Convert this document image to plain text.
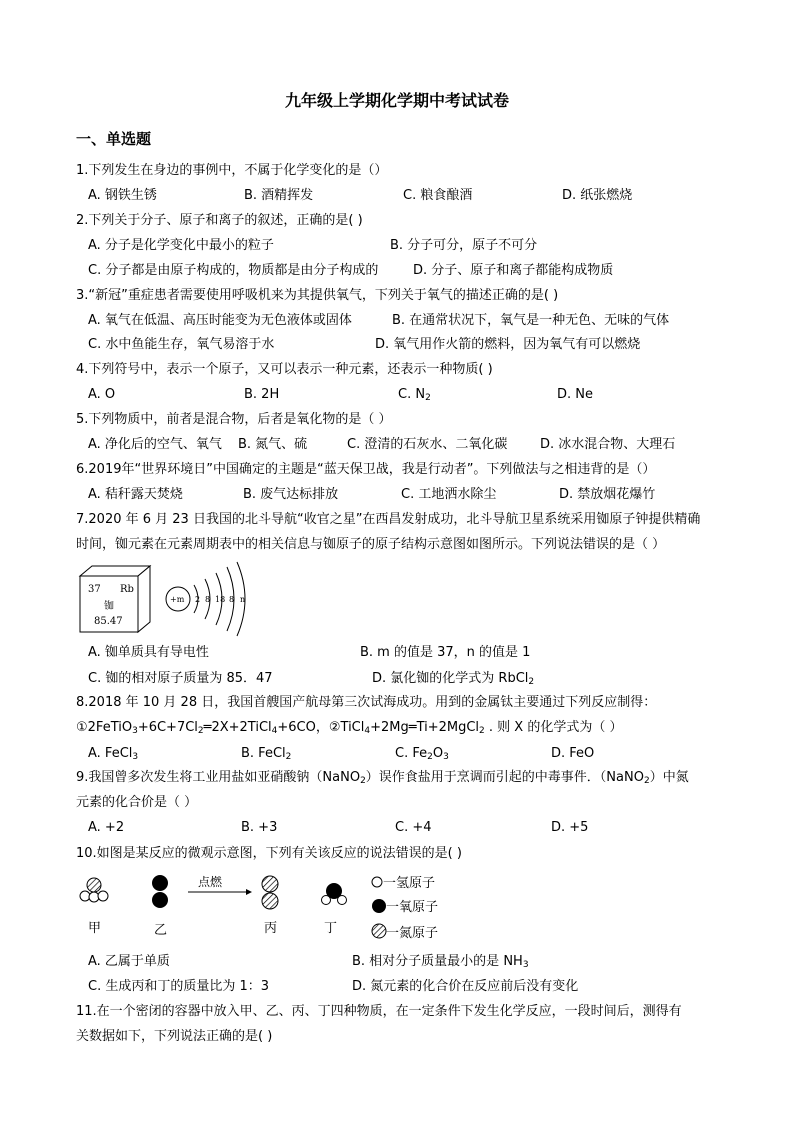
九年级上学期化学期中考试试卷
一、单选题
1.下列发生在身边的事例中，不属于化学变化的是（）
A. 钢铁生锈	B. 酒精挥发	C. 粮食酿酒	D. 纸张燃烧
2.下列关于分子、原子和离子的叙述，正确的是( )
A. 分子是化学变化中最小的粒子	B. 分子可分，原子不可分
C. 分子都是由原子构成的，物质都是由分子构成的	D. 分子、原子和离子都能构成物质
3.“新冠”重症患者需要使用呼吸机来为其提供氧气，下列关于氧气的描述正确的是( )
A. 氧气在低温、高压时能变为无色液体或固体	B. 在通常状况下，氧气是一种无色、无味的气体
C. 水中鱼能生存，氧气易溶于水	D. 氧气用作火箭的燃料，因为氧气有可以燃烧
4.下列符号中，表示一个原子，又可以表示一种元素，还表示一种物质( )
A. O	B. 2H	C. $N_2$	D. Ne
5.下列物质中，前者是混合物，后者是氧化物的是（ ）
A. 净化后的空气、氧气 B. 氮气、硫	C. 澄清的石灰水、二氧化碳	D. 冰水混合物、大理石
6.2019年“世界环境日”中国确定的主题是“蓝天保卫战，我是行动者”。下列做法与之相违背的是（）
A. 秸秆露天焚烧	B. 废气达标排放	C. 工地洒水除尘	D. 禁放烟花爆竹
7.2020 年 6 月 23 日我国的北斗导航“收官之星”在西昌发射成功，北斗导航卫星系统采用铷原子钟提供精确
时间，铷元素在元素周期表中的相关信息与铷原子的原子结构示意图如图所示。下列说法错误的是（ ）
37 Rb
铷
85.47
+m 2 8 18 8 n
A. 铷单质具有导电性	B. m 的值是 37，n 的值是 1
C. 铷的相对原子质量为 85．47	D. 氯化铷的化学式为 RbCl$_2$
8.2018 年 10 月 28 日，我国首艘国产航母第三次试海成功。用到的金属钛主要通过下列反应制得：
$①2FeTiO_3+6C+7Cl_2═2X+2TiCl_4+6CO$，②TiCl$_4$+2Mg═Ti+2MgCl$_2$ . 则 X 的化学式为（ ）
A. FeCl$_3$	B. FeCl$_2$	C. $Fe_2O_3$	D. FeO
9.我国曾多次发生将工业用盐如亚硝酸钠（NaNO$_2$）误作食盐用于烹调而引起的中毒事件．（NaNO$_2$）中氮
元素的化合价是（ ）
A. +2	B. +3	C. +4	D. +5
10.如图是某反应的微观示意图，下列有关该反应的说法错误的是( )
点燃
甲	乙	丙	丁
一氢原子
一氧原子
一氮原子
A. 乙属于单质	B. 相对分子质量最小的是 $NH_3$
C. 生成丙和丁的质量比为 1：3	D. 氮元素的化合价在反应前后没有变化
11.在一个密闭的容器中放入甲、乙、丙、丁四种物质，在一定条件下发生化学反应，一段时间后，测得有
关数据如下，下列说法正确的是( )
